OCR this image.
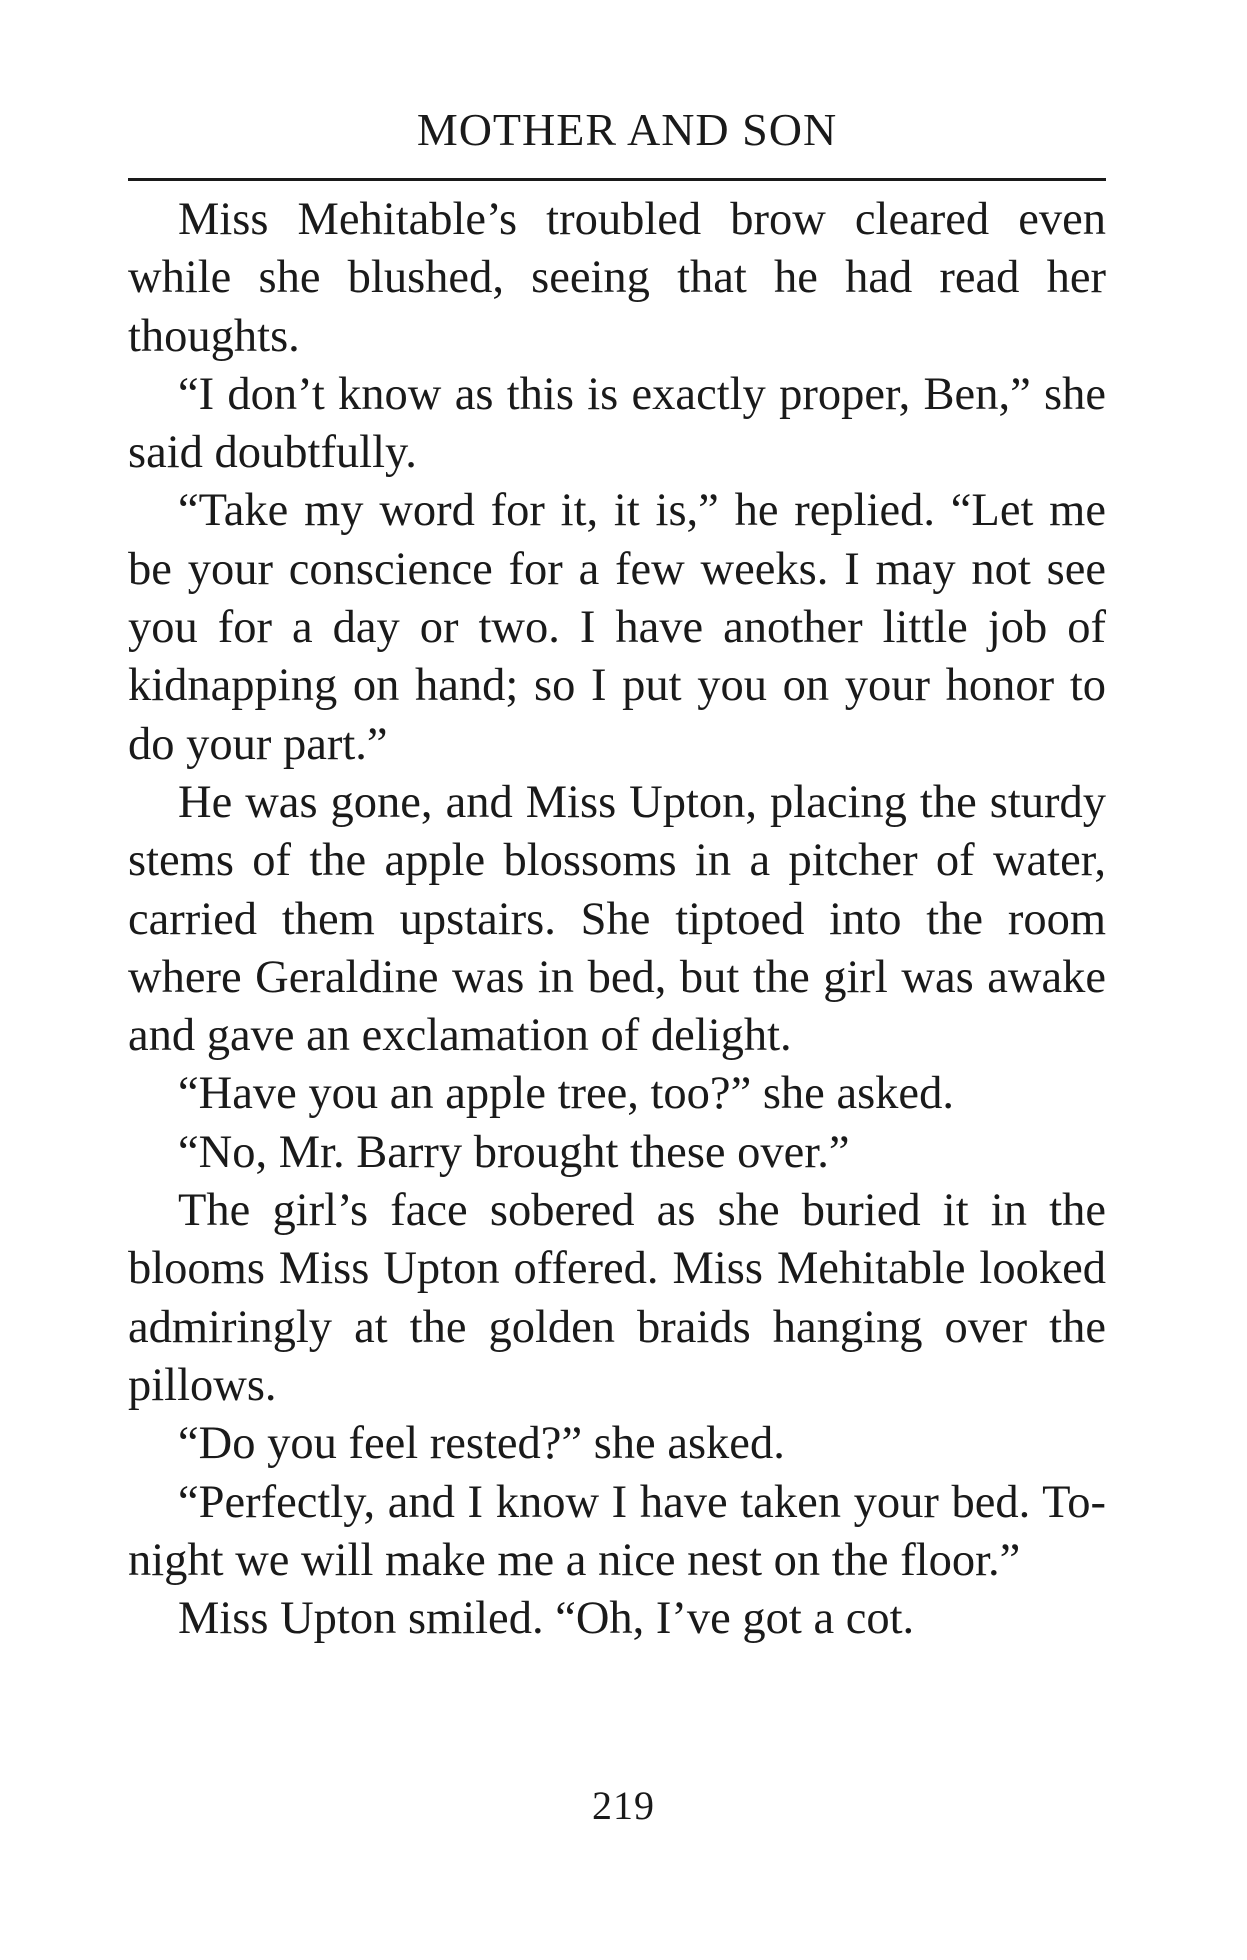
MOTHER AND SON

Miss Mehitable’s troubled brow cleared even while she blushed, seeing that he had read her thoughts.

“I don’t know as this is exactly proper, Ben,” she said doubtfully.

“Take my word for it, it is,” he replied. “Let me be your conscience for a few weeks. I may not see you for a day or two. I have another little job of kidnapping on hand; so I put you on your honor to do your part.”

He was gone, and Miss Upton, placing the sturdy stems of the apple blossoms in a pitcher of water, carried them upstairs. She tiptoed into the room where Geraldine was in bed, but the girl was awake and gave an exclamation of delight.

“Have you an apple tree, too?” she asked.

“No, Mr. Barry brought these over.”

The girl’s face sobered as she buried it in the blooms Miss Upton offered. Miss Mehitable looked admiringly at the golden braids hanging over the pillows.

“Do you feel rested?” she asked.

“Perfectly, and I know I have taken your bed. To-night we will make me a nice nest on the floor.”

Miss Upton smiled. “Oh, I’ve got a cot.

219
